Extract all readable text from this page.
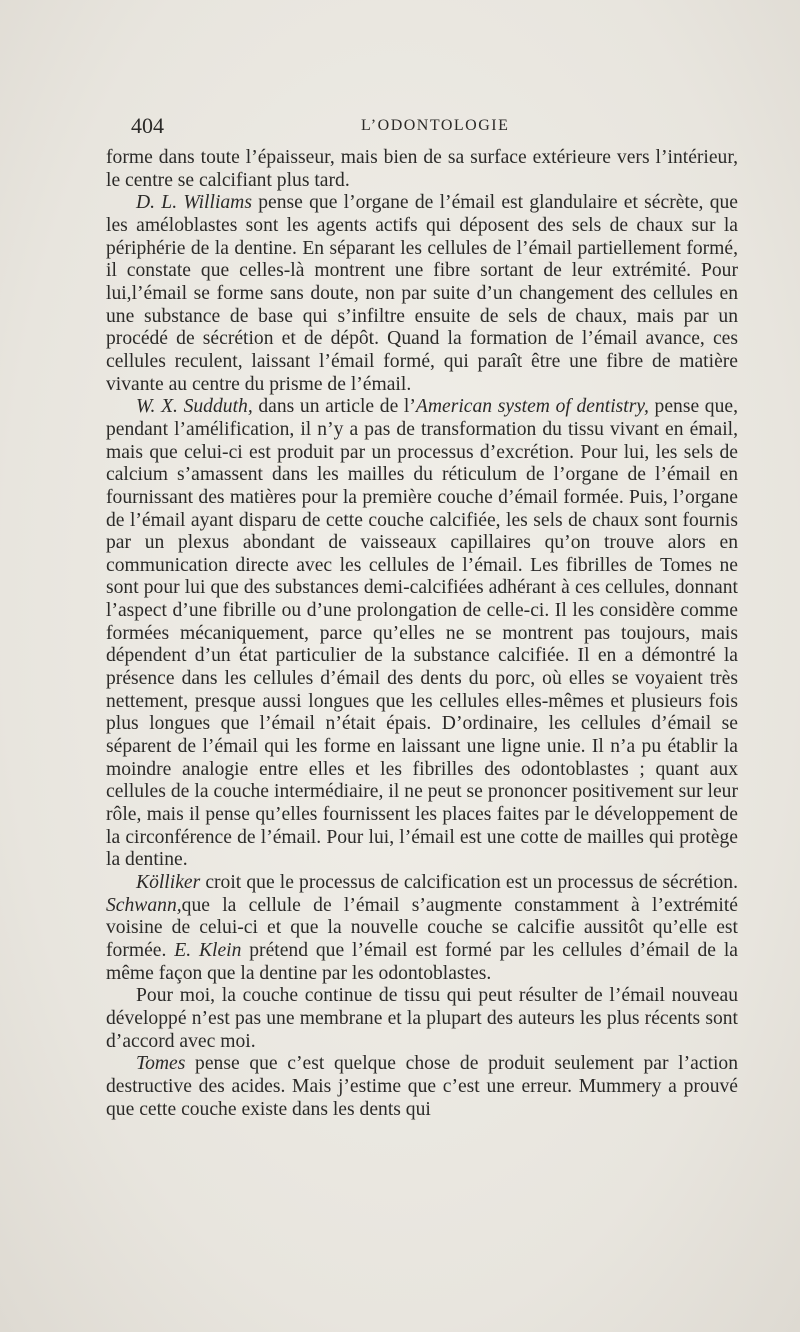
404	L’ODONTOLOGIE

forme dans toute l’épaisseur, mais bien de sa surface extérieure vers l’intérieur, le centre se calcifiant plus tard.

D. L. Williams pense que l’organe de l’émail est glandulaire et sécrète, que les améloblastes sont les agents actifs qui déposent des sels de chaux sur la périphérie de la dentine. En séparant les cellules de l’émail partiellement formé, il constate que celles-là montrent une fibre sortant de leur extrémité. Pour lui,l’émail se forme sans doute, non par suite d’un changement des cellules en une substance de base qui s’infiltre ensuite de sels de chaux, mais par un procédé de sécrétion et de dépôt. Quand la formation de l’émail avance, ces cellules reculent, laissant l’émail formé, qui paraît être une fibre de matière vivante au centre du prisme de l’émail.

W. X. Sudduth, dans un article de l’American system of dentistry, pense que, pendant l’amélification, il n’y a pas de transformation du tissu vivant en émail, mais que celui-ci est produit par un processus d’excrétion. Pour lui, les sels de calcium s’amassent dans les mailles du réticulum de l’organe de l’émail en fournissant des matières pour la première couche d’émail formée. Puis, l’organe de l’émail ayant disparu de cette couche calcifiée, les sels de chaux sont fournis par un plexus abondant de vaisseaux capillaires qu’on trouve alors en communication directe avec les cellules de l’émail. Les fibrilles de Tomes ne sont pour lui que des substances demi-calcifiées adhérant à ces cellules, donnant l’aspect d’une fibrille ou d’une prolongation de celle-ci. Il les considère comme formées mécaniquement, parce qu’elles ne se montrent pas toujours, mais dépendent d’un état particulier de la substance calcifiée. Il en a démontré la présence dans les cellules d’émail des dents du porc, où elles se voyaient très nettement, presque aussi longues que les cellules elles-mêmes et plusieurs fois plus longues que l’émail n’était épais. D’ordinaire, les cellules d’émail se séparent de l’émail qui les forme en laissant une ligne unie. Il n’a pu établir la moindre analogie entre elles et les fibrilles des odontoblastes ; quant aux cellules de la couche intermédiaire, il ne peut se prononcer positivement sur leur rôle, mais il pense qu’elles fournissent les places faites par le développement de la circonférence de l’émail. Pour lui, l’émail est une cotte de mailles qui protège la dentine.

Kölliker croit que le processus de calcification est un processus de sécrétion. Schwann,que la cellule de l’émail s’augmente constamment à l’extrémité voisine de celui-ci et que la nouvelle couche se calcifie aussitôt qu’elle est formée. E. Klein prétend que l’émail est formé par les cellules d’émail de la même façon que la dentine par les odontoblastes.

Pour moi, la couche continue de tissu qui peut résulter de l’émail nouveau développé n’est pas une membrane et la plupart des auteurs les plus récents sont d’accord avec moi.

Tomes pense que c’est quelque chose de produit seulement par l’action destructive des acides. Mais j’estime que c’est une erreur. Mummery a prouvé que cette couche existe dans les dents qui
